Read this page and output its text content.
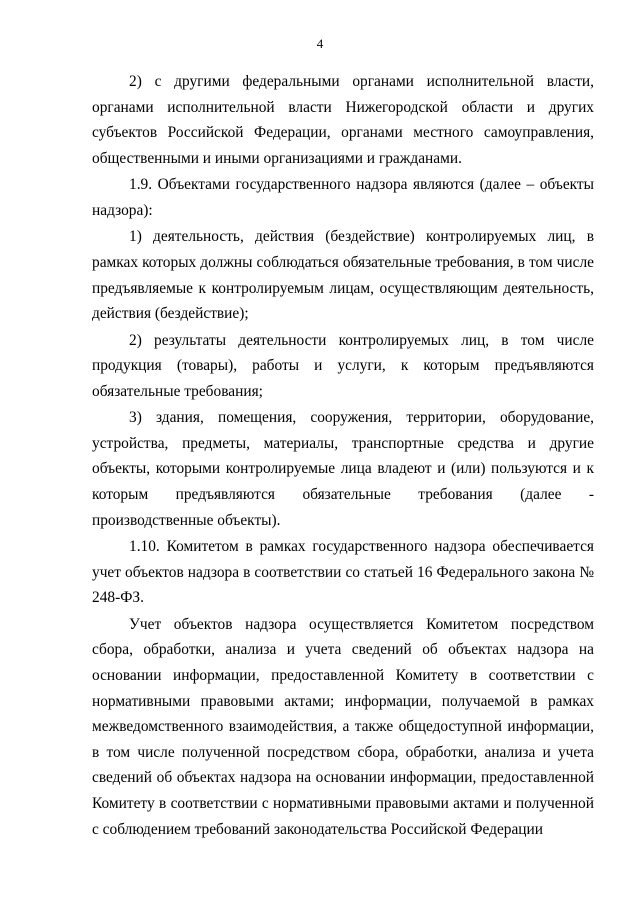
4

2) с другими федеральными органами исполнительной власти, органами исполнительной власти Нижегородской области и других субъектов Российской Федерации, органами местного самоуправления, общественными и иными организациями и гражданами.

1.9. Объектами государственного надзора являются (далее – объекты надзора):

1) деятельность, действия (бездействие) контролируемых лиц, в рамках которых должны соблюдаться обязательные требования, в том числе предъявляемые к контролируемым лицам, осуществляющим деятельность, действия (бездействие);

2) результаты деятельности контролируемых лиц, в том числе продукция (товары), работы и услуги, к которым предъявляются обязательные требования;

3) здания, помещения, сооружения, территории, оборудование, устройства, предметы, материалы, транспортные средства и другие объекты, которыми контролируемые лица владеют и (или) пользуются и к которым предъявляются обязательные требования (далее - производственные объекты).

1.10. Комитетом в рамках государственного надзора обеспечивается учет объектов надзора в соответствии со статьей 16 Федерального закона № 248-ФЗ.

Учет объектов надзора осуществляется Комитетом посредством сбора, обработки, анализа и учета сведений об объектах надзора на основании информации, предоставленной Комитету в соответствии с нормативными правовыми актами; информации, получаемой в рамках межведомственного взаимодействия, а также общедоступной информации, в том числе полученной посредством сбора, обработки, анализа и учета сведений об объектах надзора на основании информации, предоставленной Комитету в соответствии с нормативными правовыми актами и полученной с соблюдением требований законодательства Российской Федерации
